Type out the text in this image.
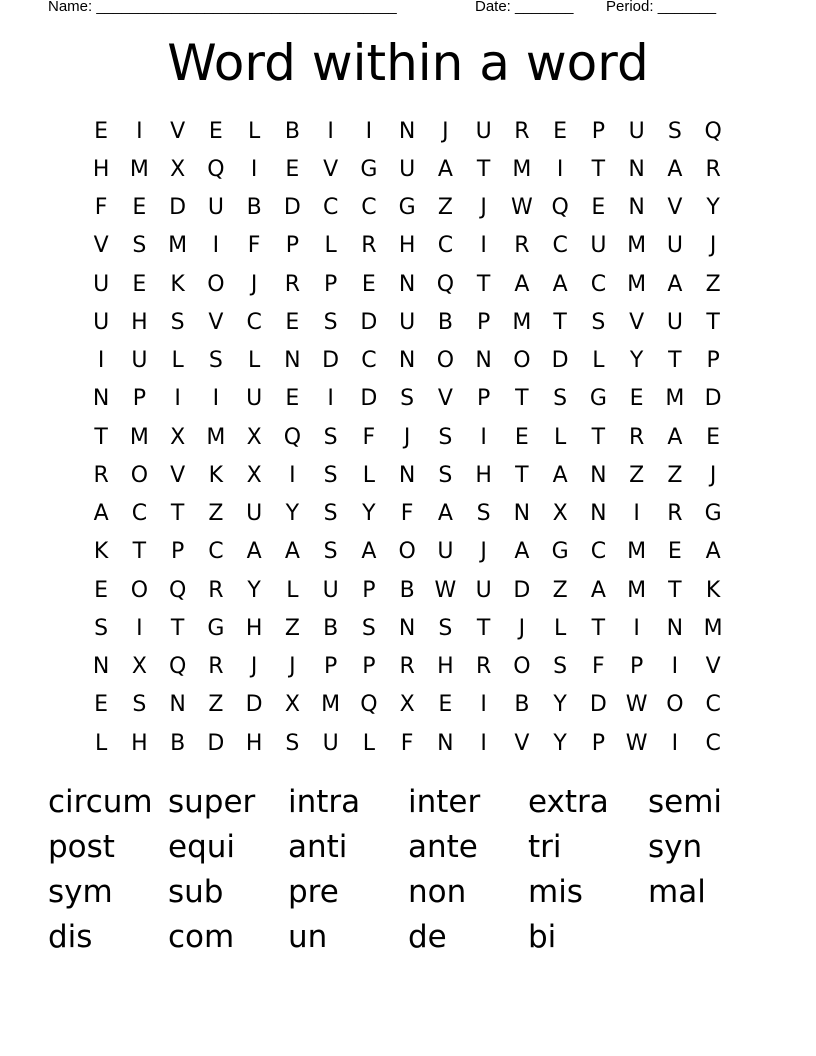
Name: ____________________________________	Date: _______ Period: _______
Word within a word
E	I	V	E	L	B	I	I	N	J	U	R	E	P	U	S	Q
H M X	Q	I	E	V	G U	A	T	M	I	T	N	A	R
F	E	D U	B	D	C	C	G	Z	J	W Q	E	N	V	Y
V	S M	I	F	P	L	R	H	C	I	R	C	U M U	J
U	E	K	O	J	R	P	E	N Q	T	A	A	C M A	Z
U H	S	V	C	E	S	D U	B	P	M	T	S	V	U	T
I	U	L	S	L	N D	C	N O N O D	L	Y	T	P
N	P	I	I	U	E	I	D	S	V	P	T	S	G	E M D
T	M X M X	Q	S	F	J	S	I	E	L	T	R	A	E
R O	V	K	X	I	S	L	N	S	H	T	A	N	Z	Z	J
A	C	T	Z	U	Y	S	Y	F	A	S	N	X	N	I	R	G
K	T	P	C	A	A	S	A	O U	J	A	G	C M E	A
E	O Q R	Y	L	U	P	B W U D	Z	A M	T	K
S	I	T	G H	Z	B	S	N	S	T	J	L	T	I	N M
N	X	Q R	J	J	P	P	R	H	R O	S	F	P	I	V
E	S	N	Z	D	X M Q	X	E	I	B	Y	D W O C
L	H	B	D H	S	U	L	F	N	I	V	Y	P W	I	C
circum super	intra	inter	extra	semi
post	equi	anti	ante	tri	syn
sym	sub	pre	non	mis	mal
dis	com	un	de	bi
